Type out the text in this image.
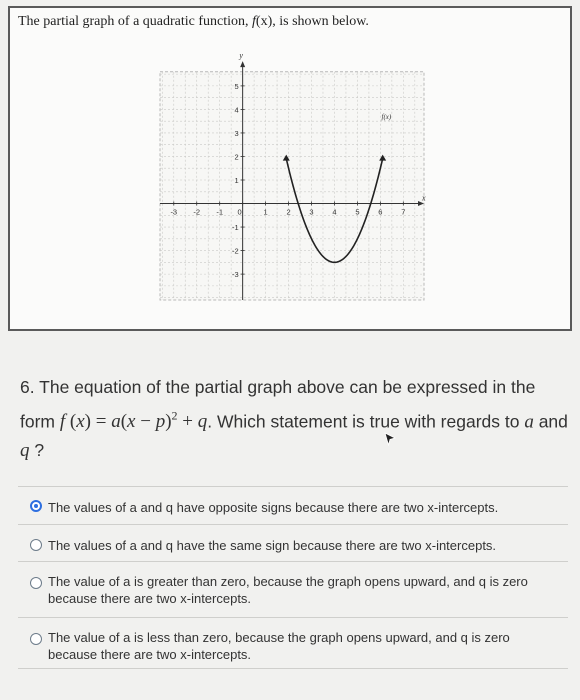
The partial graph of a quadratic function, f(x), is shown below.
x
y
-3 -2 -1 0	1	2	3	4	5	6	7
5
4
3
2
1
-1
-2
-3
f(x)
6. The equation of the partial graph above can be expressed in the form f $(x) = a(x - p)^2 + q$. Which statement is true with regards to a and q ?
The values of a and q have opposite signs because there are two x-intercepts.
The values of a and q have the same sign because there are two x-intercepts.
The value of a is greater than zero, because the graph opens upward, and q is zero because there are two x-intercepts.
The value of a is less than zero, because the graph opens upward, and q is zero because there are two x-intercepts.
